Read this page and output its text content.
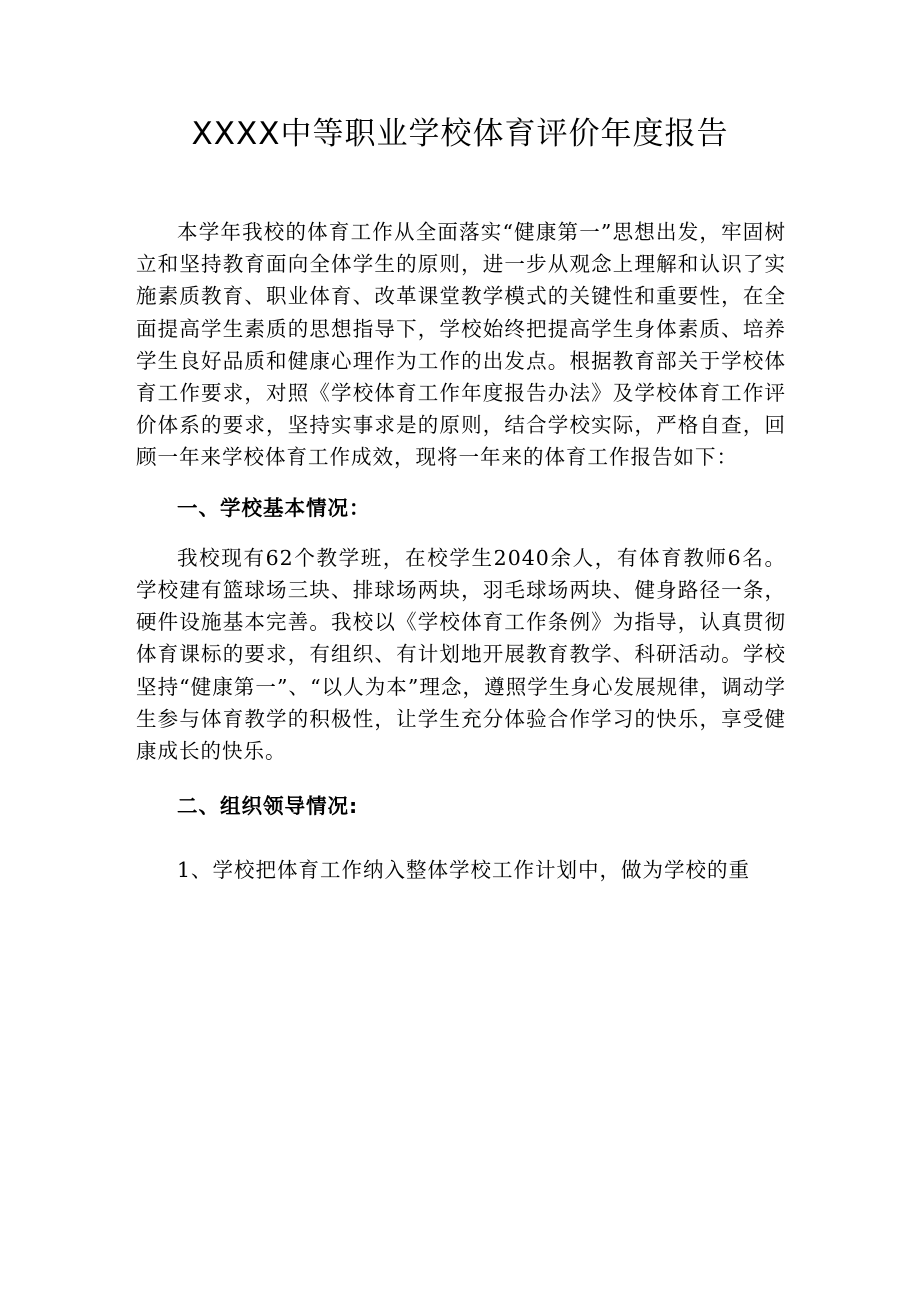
XXXX中等职业学校体育评价年度报告

本学年我校的体育工作从全面落实“健康第一”思想出发，牢固树立和坚持教育面向全体学生的原则，进一步从观念上理解和认识了实施素质教育、职业体育、改革课堂教学模式的关键性和重要性，在全面提高学生素质的思想指导下，学校始终把提高学生身体素质、培养学生良好品质和健康心理作为工作的出发点。根据教育部关于学校体育工作要求，对照《学校体育工作年度报告办法》及学校体育工作评价体系的要求，坚持实事求是的原则，结合学校实际，严格自查，回顾一年来学校体育工作成效，现将一年来的体育工作报告如下：

一、学校基本情况：

我校现有62个教学班，在校学生2040余人，有体育教师6名。学校建有篮球场三块、排球场两块，羽毛球场两块、健身路径一条，硬件设施基本完善。我校以《学校体育工作条例》为指导，认真贯彻体育课标的要求，有组织、有计划地开展教育教学、科研活动。学校坚持“健康第一”、“以人为本”理念，遵照学生身心发展规律，调动学生参与体育教学的积极性，让学生充分体验合作学习的快乐，享受健康成长的快乐。

二、组织领导情况:

1、学校把体育工作纳入整体学校工作计划中，做为学校的重
